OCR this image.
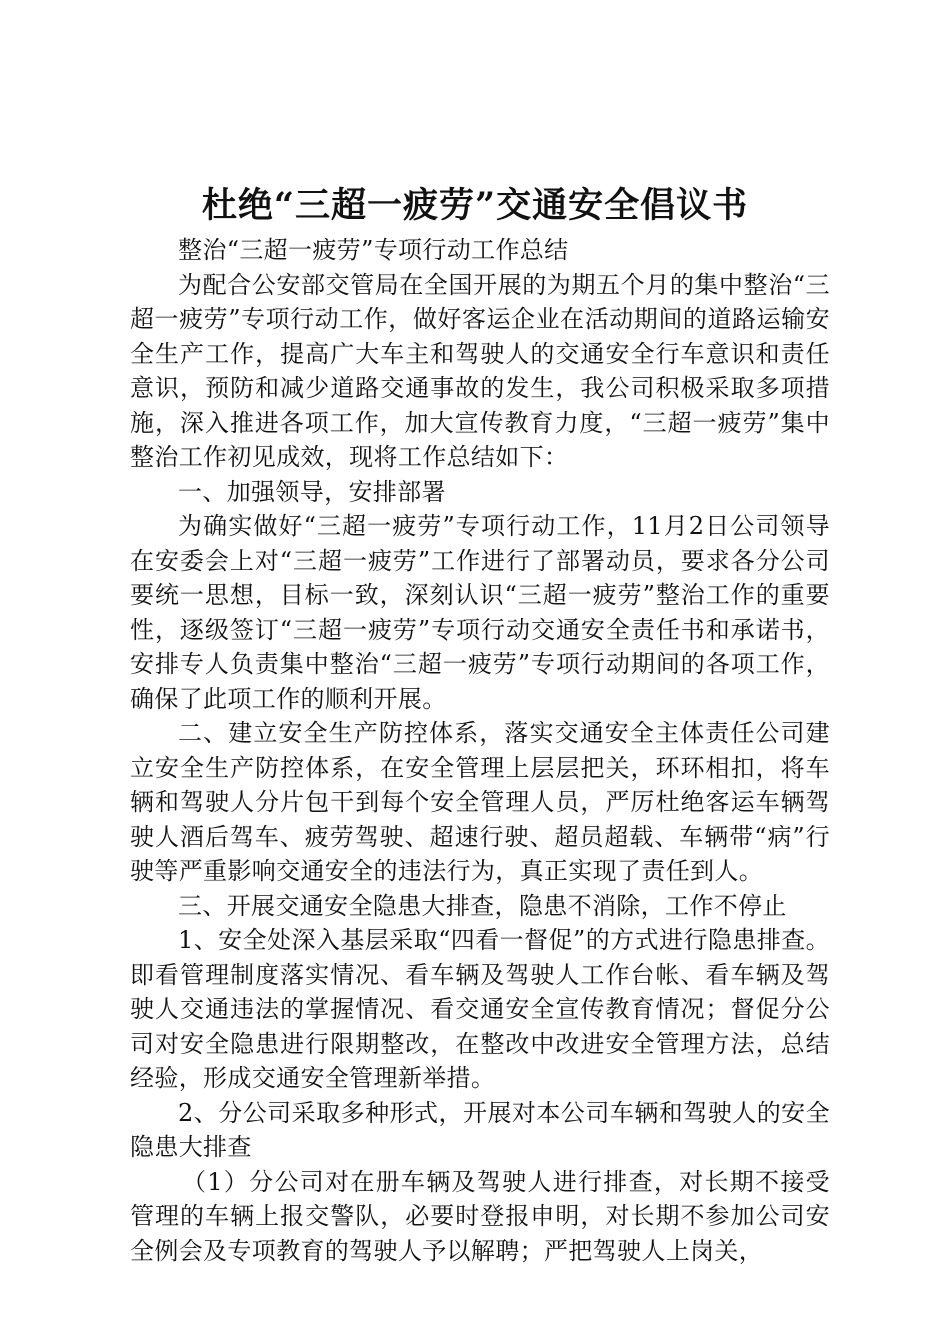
杜绝“三超一疲劳”交通安全倡议书

整治“三超一疲劳”专项行动工作总结

为配合公安部交管局在全国开展的为期五个月的集中整治“三超一疲劳”专项行动工作，做好客运企业在活动期间的道路运输安全生产工作，提高广大车主和驾驶人的交通安全行车意识和责任意识，预防和减少道路交通事故的发生，我公司积极采取多项措施，深入推进各项工作，加大宣传教育力度，“三超一疲劳”集中整治工作初见成效，现将工作总结如下：

一、加强领导，安排部署

为确实做好“三超一疲劳”专项行动工作，11月2日公司领导在安委会上对“三超一疲劳”工作进行了部署动员，要求各分公司要统一思想，目标一致，深刻认识“三超一疲劳”整治工作的重要性，逐级签订“三超一疲劳”专项行动交通安全责任书和承诺书，安排专人负责集中整治“三超一疲劳”专项行动期间的各项工作，确保了此项工作的顺利开展。

二、建立安全生产防控体系，落实交通安全主体责任公司建立安全生产防控体系，在安全管理上层层把关，环环相扣，将车辆和驾驶人分片包干到每个安全管理人员，严厉杜绝客运车辆驾驶人酒后驾车、疲劳驾驶、超速行驶、超员超载、车辆带“病”行驶等严重影响交通安全的违法行为，真正实现了责任到人。

三、开展交通安全隐患大排查，隐患不消除，工作不停止

1、安全处深入基层采取“四看一督促”的方式进行隐患排查。即看管理制度落实情况、看车辆及驾驶人工作台帐、看车辆及驾驶人交通违法的掌握情况、看交通安全宣传教育情况；督促分公司对安全隐患进行限期整改，在整改中改进安全管理方法，总结经验，形成交通安全管理新举措。

2、分公司采取多种形式，开展对本公司车辆和驾驶人的安全隐患大排查

（1）分公司对在册车辆及驾驶人进行排查，对长期不接受管理的车辆上报交警队，必要时登报申明，对长期不参加公司安全例会及专项教育的驾驶人予以解聘；严把驾驶人上岗关，
